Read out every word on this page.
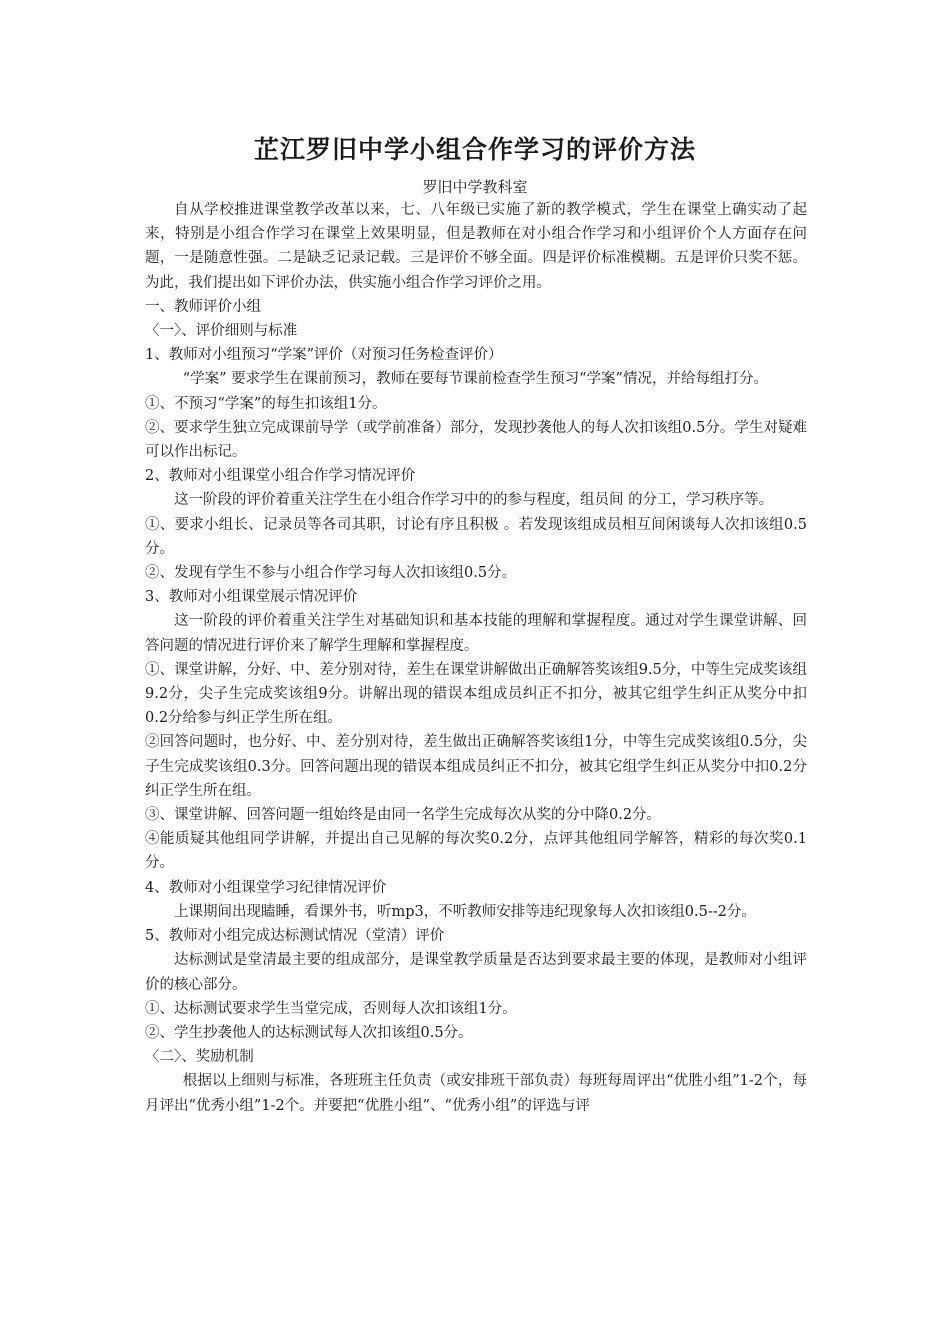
芷江罗旧中学小组合作学习的评价方法
罗旧中学教科室

自从学校推进课堂教学改革以来，七、八年级已实施了新的教学模式，学生在课堂上确实动了起来，特别是小组合作学习在课堂上效果明显，但是教师在对小组合作学习和小组评价个人方面存在问题，一是随意性强。二是缺乏记录记载。三是评价不够全面。四是评价标准模糊。五是评价只奖不惩。为此，我们提出如下评价办法，供实施小组合作学习评价之用。

一、教师评价小组

〈一〉、评价细则与标准

1、教师对小组预习“学案”评价（对预习任务检查评价）

“学案” 要求学生在课前预习，教师在要每节课前检查学生预习“学案”情况，并给每组打分。

①、不预习“学案”的每生扣该组1分。

②、要求学生独立完成课前导学（或学前准备）部分，发现抄袭他人的每人次扣该组0.5分。学生对疑难可以作出标记。

2、教师对小组课堂小组合作学习情况评价

这一阶段的评价着重关注学生在小组合作学习中的的参与程度，组员间 的分工，学习秩序等。

①、要求小组长、记录员等各司其职，讨论有序且积极 。若发现该组成员相互间闲谈每人次扣该组0.5分。

②、发现有学生不参与小组合作学习每人次扣该组0.5分。

3、教师对小组课堂展示情况评价

这一阶段的评价着重关注学生对基础知识和基本技能的理解和掌握程度。通过对学生课堂讲解、回答问题的情况进行评价来了解学生理解和掌握程度。

①、课堂讲解，分好、中、差分别对待，差生在课堂讲解做出正确解答奖该组9.5分，中等生完成奖该组9.2分，尖子生完成奖该组9分。讲解出现的错误本组成员纠正不扣分，被其它组学生纠正从奖分中扣0.2分给参与纠正学生所在组。

②回答问题时，也分好、中、差分别对待，差生做出正确解答奖该组1分，中等生完成奖该组0.5分，尖子生完成奖该组0.3分。回答问题出现的错误本组成员纠正不扣分，被其它组学生纠正从奖分中扣0.2分纠正学生所在组。

③、课堂讲解、回答问题一组始终是由同一名学生完成每次从奖的分中降0.2分。

④能质疑其他组同学讲解，并提出自己见解的每次奖0.2分，点评其他组同学解答，精彩的每次奖0.1分。

4、教师对小组课堂学习纪律情况评价

上课期间出现瞌睡，看课外书，听mp3，不听教师安排等违纪现象每人次扣该组0.5--2分。

5、教师对小组完成达标测试情况（堂清）评价

达标测试是堂清最主要的组成部分，是课堂教学质量是否达到要求最主要的体现，是教师对小组评价的核心部分。

①、达标测试要求学生当堂完成，否则每人次扣该组1分。

②、学生抄袭他人的达标测试每人次扣该组0.5分。

〈二〉、奖励机制

根据以上细则与标准，各班班主任负责（或安排班干部负责）每班每周评出“优胜小组”1-2个，每月评出“优秀小组”1-2个。并要把“优胜小组”、“优秀小组”的评选与评
